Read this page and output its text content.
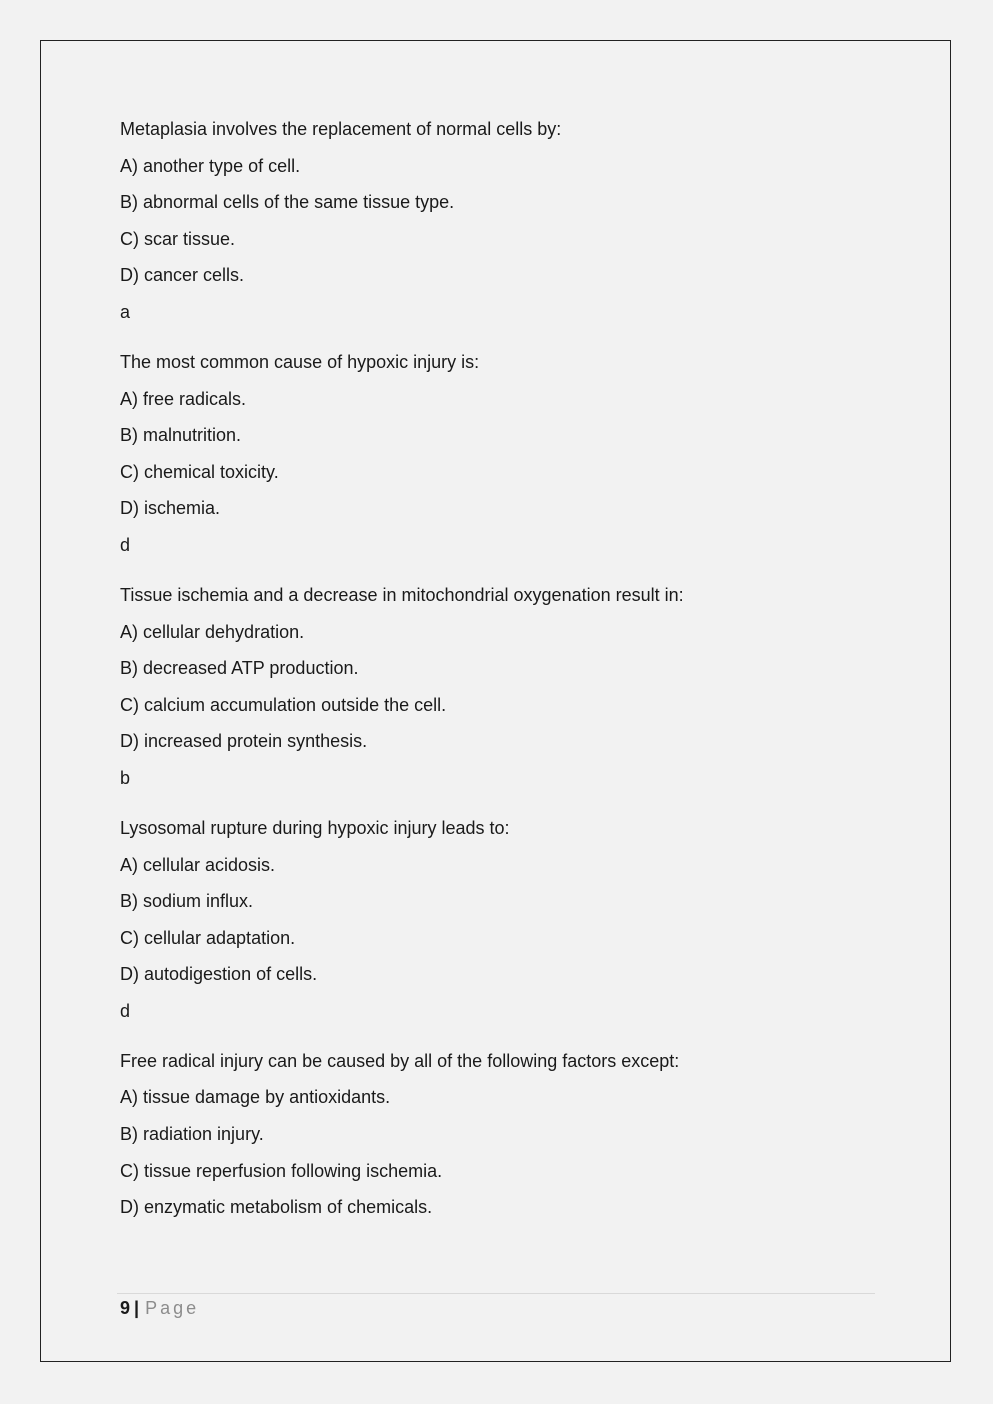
Metaplasia involves the replacement of normal cells by:
A) another type of cell.
B) abnormal cells of the same tissue type.
C) scar tissue.
D) cancer cells.
a
The most common cause of hypoxic injury is:
A) free radicals.
B) malnutrition.
C) chemical toxicity.
D) ischemia.
d
Tissue ischemia and a decrease in mitochondrial oxygenation result in:
A) cellular dehydration.
B) decreased ATP production.
C) calcium accumulation outside the cell.
D) increased protein synthesis.
b
Lysosomal rupture during hypoxic injury leads to:
A) cellular acidosis.
B) sodium influx.
C) cellular adaptation.
D) autodigestion of cells.
d
Free radical injury can be caused by all of the following factors except:
A) tissue damage by antioxidants.
B) radiation injury.
C) tissue reperfusion following ischemia.
D) enzymatic metabolism of chemicals.
9 | Page
